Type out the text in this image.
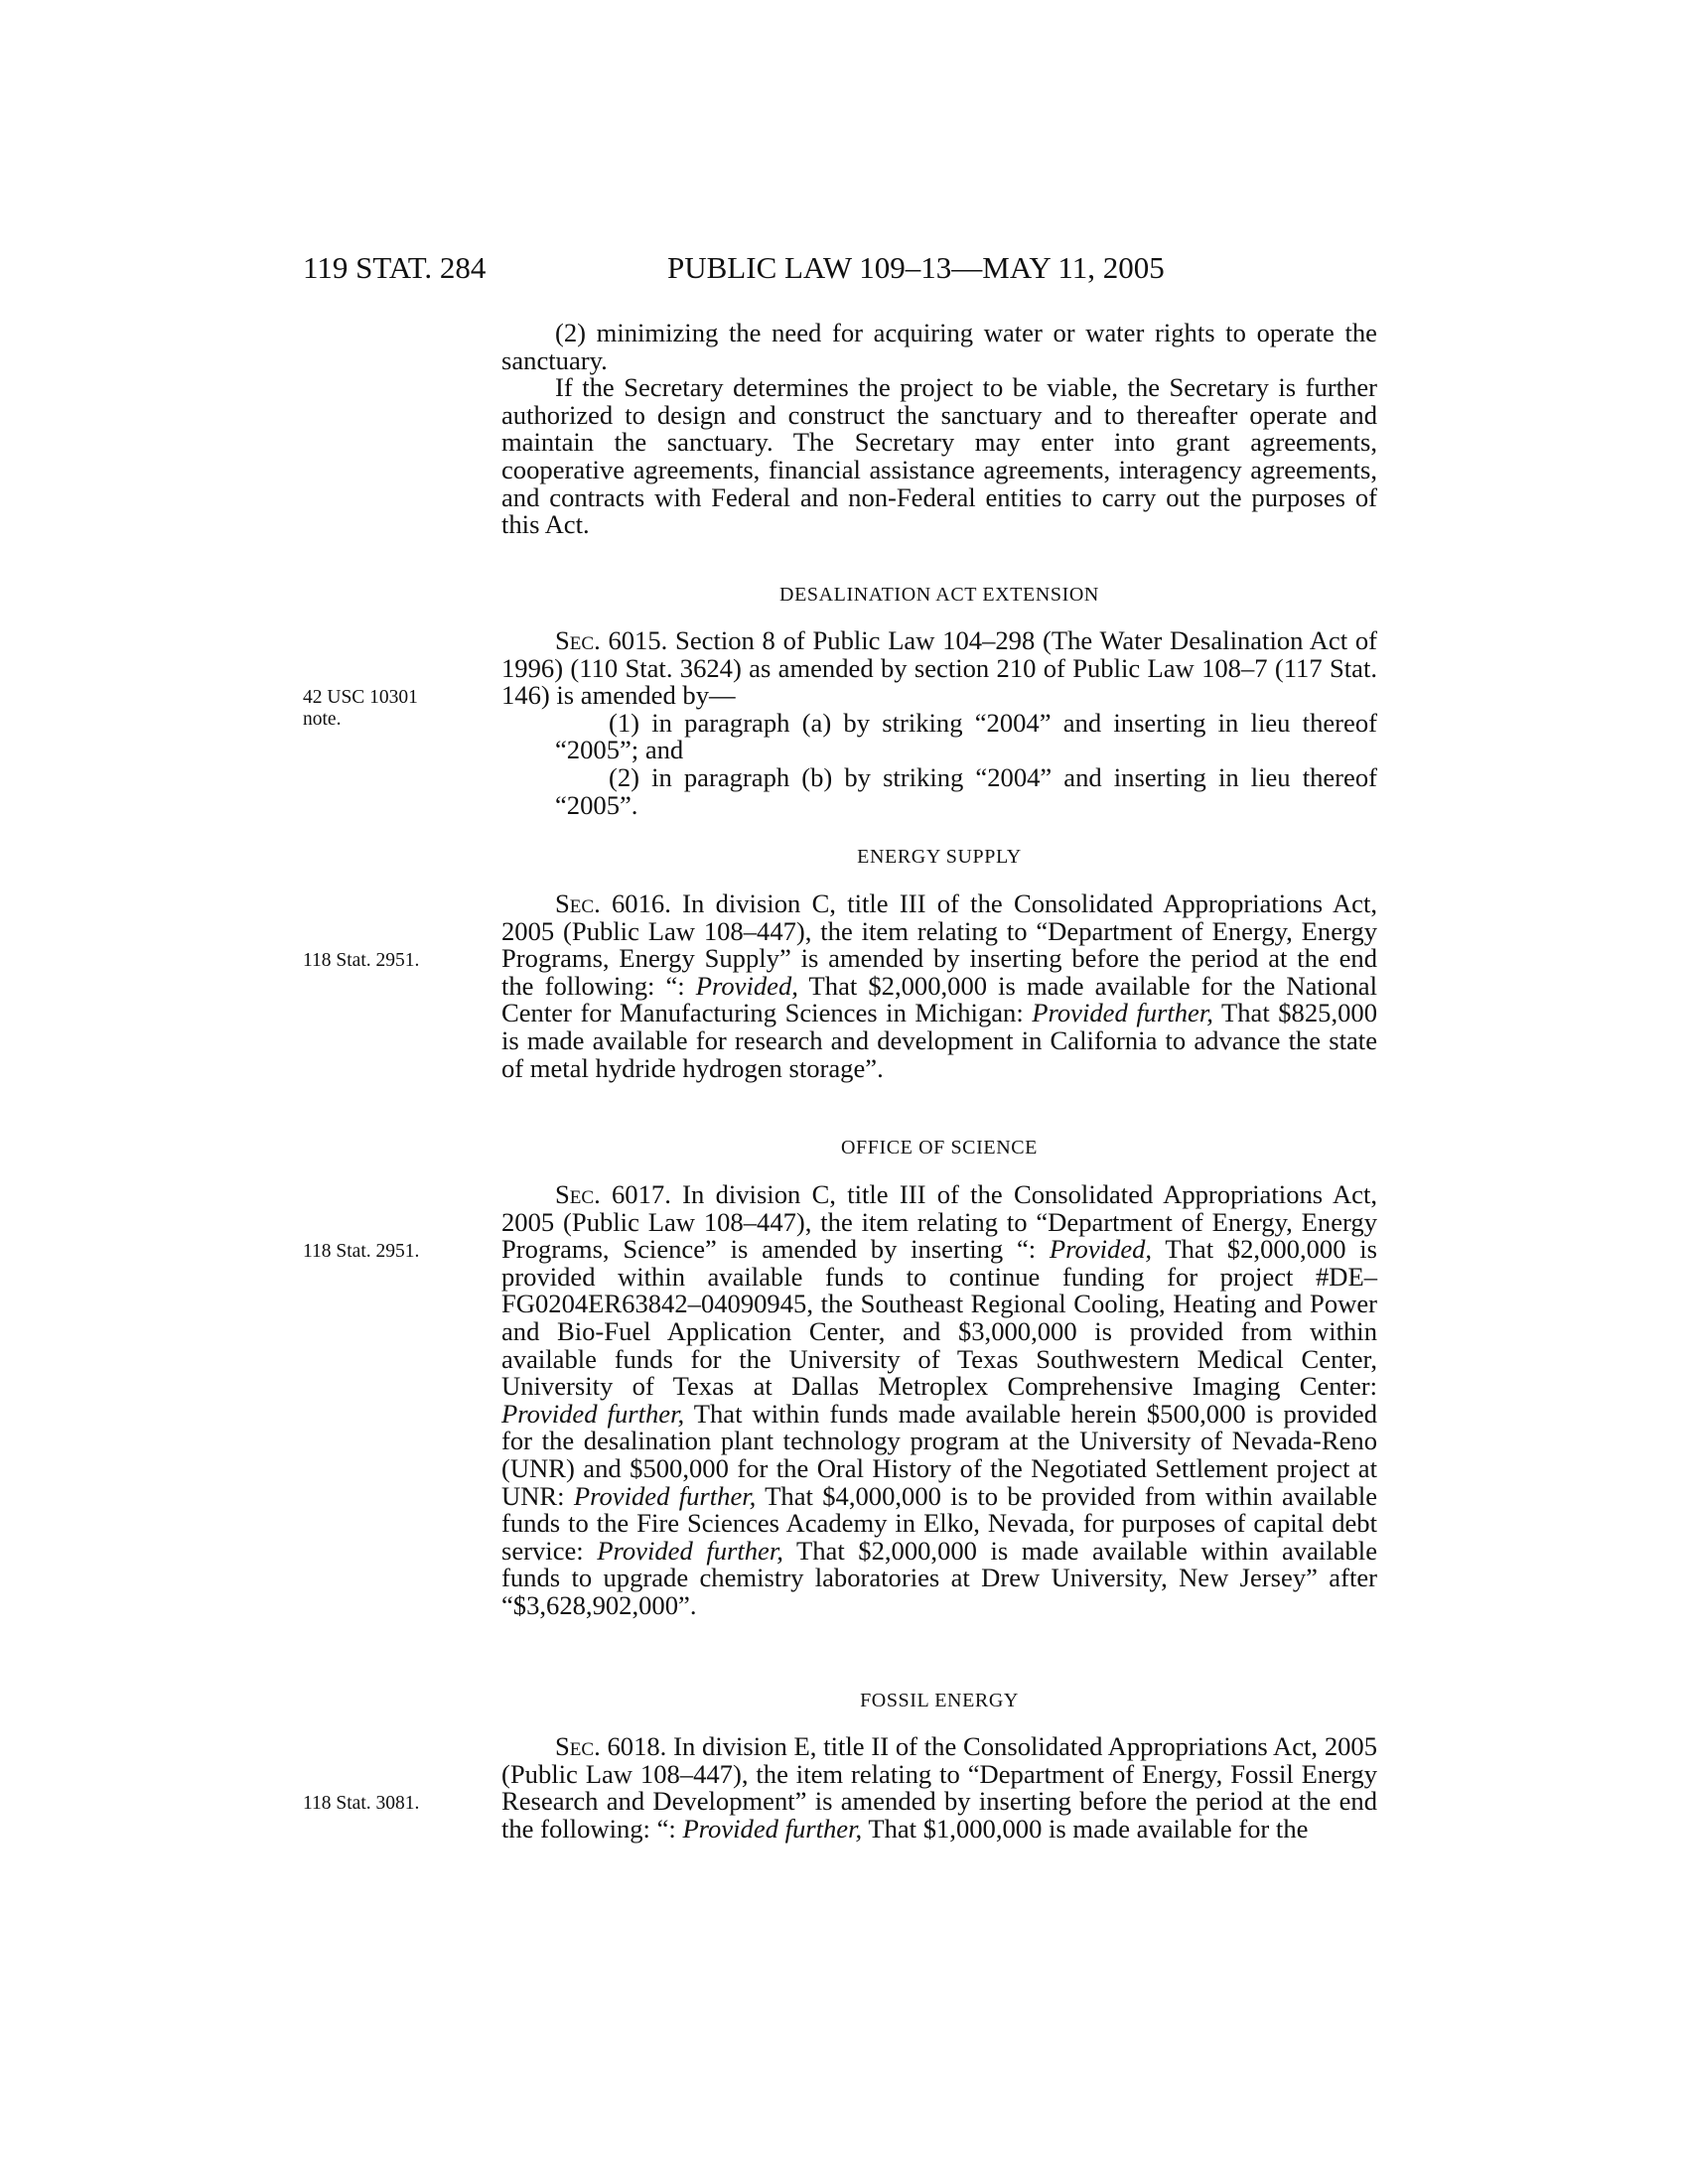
119 STAT. 284	PUBLIC LAW 109–13—MAY 11, 2005
42 USC 10301
note.
118 Stat. 2951.
118 Stat. 2951.
118 Stat. 3081.

(2) minimizing the need for acquiring water or water rights to operate the sanctuary.

If the Secretary determines the project to be viable, the Secretary is further authorized to design and construct the sanctuary and to thereafter operate and maintain the sanctuary. The Secretary may enter into grant agreements, cooperative agreements, financial assistance agreements, interagency agreements, and contracts with Federal and non-Federal entities to carry out the purposes of this Act.

DESALINATION ACT EXTENSION

Sec. 6015. Section 8 of Public Law 104–298 (The Water Desalination Act of 1996) (110 Stat. 3624) as amended by section 210 of Public Law 108–7 (117 Stat. 146) is amended by—

(1) in paragraph (a) by striking “2004” and inserting in lieu thereof “2005”; and

(2) in paragraph (b) by striking “2004” and inserting in lieu thereof “2005”.

ENERGY SUPPLY

Sec. 6016. In division C, title III of the Consolidated Appropriations Act, 2005 (Public Law 108–447), the item relating to “Department of Energy, Energy Programs, Energy Supply” is amended by inserting before the period at the end the following: “: Provided, That $2,000,000 is made available for the National Center for Manufacturing Sciences in Michigan: Provided further, That $825,000 is made available for research and development in California to advance the state of metal hydride hydrogen storage”.

OFFICE OF SCIENCE

Sec. 6017. In division C, title III of the Consolidated Appropriations Act, 2005 (Public Law 108–447), the item relating to “Department of Energy, Energy Programs, Science” is amended by inserting “: Provided, That $2,000,000 is provided within available funds to continue funding for project #DE–FG0204ER63842–04090945, the Southeast Regional Cooling, Heating and Power and Bio-Fuel Application Center, and $3,000,000 is provided from within available funds for the University of Texas Southwestern Medical Center, University of Texas at Dallas Metroplex Comprehensive Imaging Center: Provided further, That within funds made available herein $500,000 is provided for the desalination plant technology program at the University of Nevada-Reno (UNR) and $500,000 for the Oral History of the Negotiated Settlement project at UNR: Provided further, That $4,000,000 is to be provided from within available funds to the Fire Sciences Academy in Elko, Nevada, for purposes of capital debt service: Provided further, That $2,000,000 is made available within available funds to upgrade chemistry laboratories at Drew University, New Jersey” after “$3,628,902,000”.

FOSSIL ENERGY

Sec. 6018. In division E, title II of the Consolidated Appropriations Act, 2005 (Public Law 108–447), the item relating to “Department of Energy, Fossil Energy Research and Development” is amended by inserting before the period at the end the following: “: Provided further, That $1,000,000 is made available for the
